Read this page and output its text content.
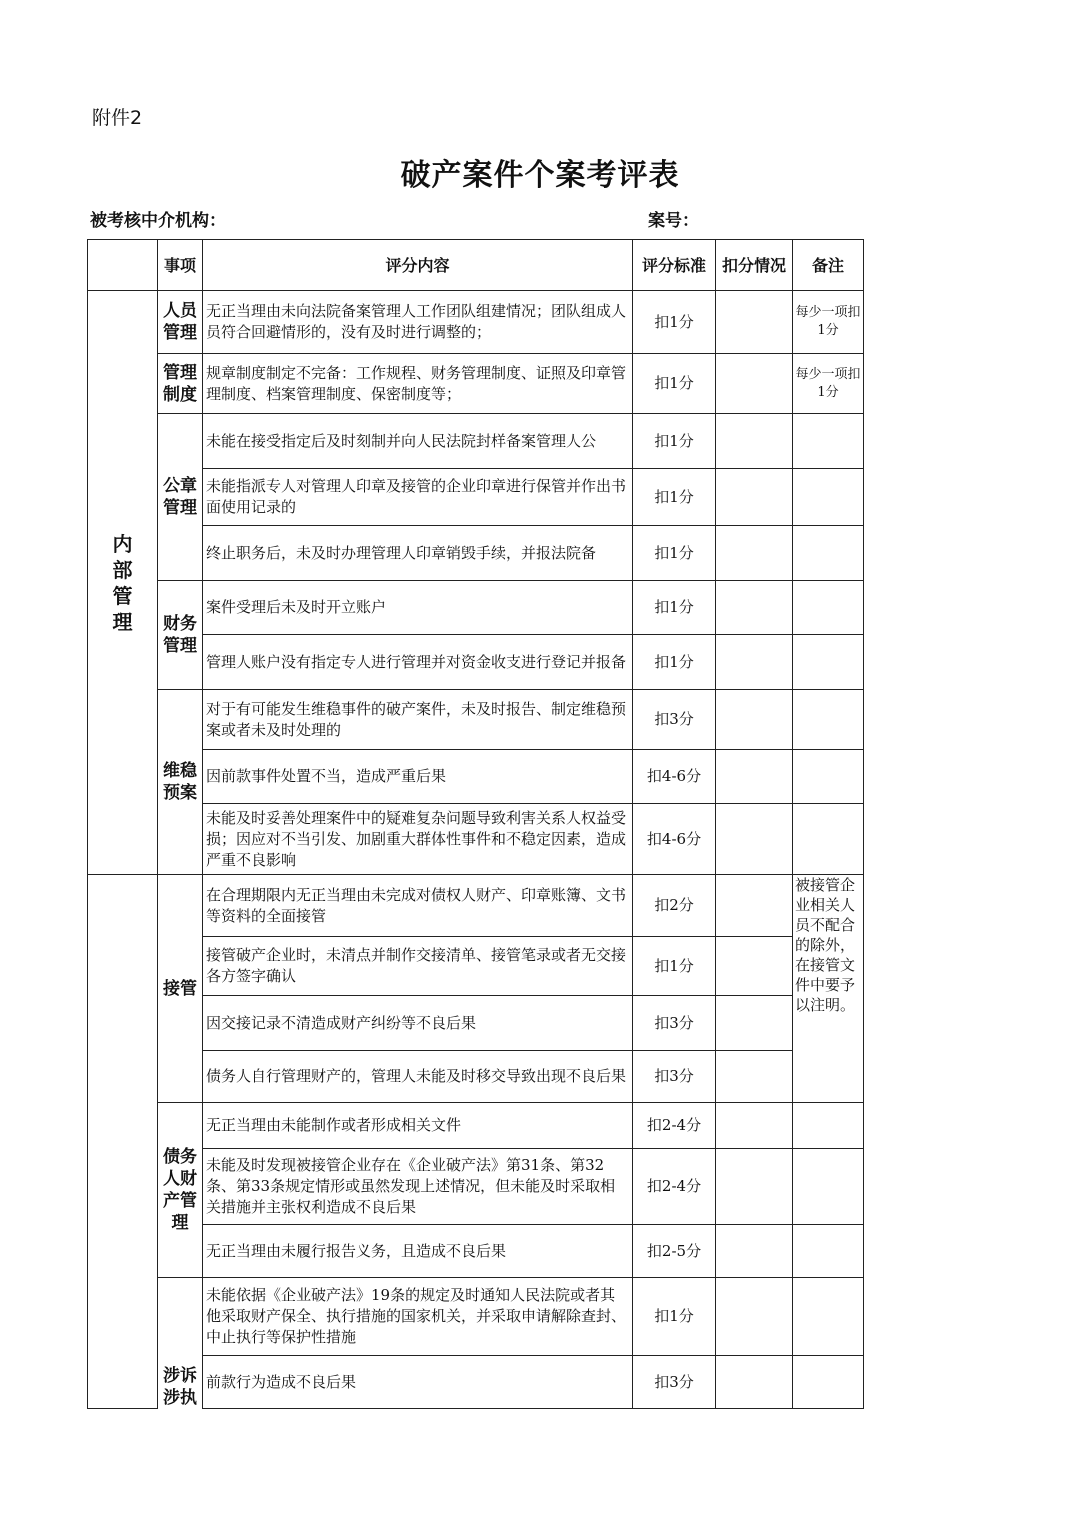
附件2
破产案件个案考评表
被考核中介机构：	案号：
	事项	评分内容	评分标准	扣分情况	备注
内部管理	人员管理	无正当理由未向法院备案管理人工作团队组建情况；团队组成人员符合回避情形的，没有及时进行调整的；	扣1分		每少一项扣1分
	管理制度	规章制度制定不完备：工作规程、财务管理制度、证照及印章管理制度、档案管理制度、保密制度等；	扣1分		每少一项扣1分
	公章管理	未能在接受指定后及时刻制并向人民法院封样备案管理人公	扣1分		
		未能指派专人对管理人印章及接管的企业印章进行保管并作出书面使用记录的	扣1分		
		终止职务后，未及时办理管理人印章销毁手续，并报法院备	扣1分		
	财务管理	案件受理后未及时开立账户	扣1分		
		管理人账户没有指定专人进行管理并对资金收支进行登记并报备	扣1分		
	维稳预案	对于有可能发生维稳事件的破产案件，未及时报告、制定维稳预案或者未及时处理的	扣3分		
		因前款事件处置不当，造成严重后果	扣4-6分		
		未能及时妥善处理案件中的疑难复杂问题导致利害关系人权益受损；因应对不当引发、加剧重大群体性事件和不稳定因素，造成严重不良影响	扣4-6分		
	接管	在合理期限内无正当理由未完成对债权人财产、印章账簿、文书等资料的全面接管	扣2分		被接管企业相关人员不配合的除外，在接管文件中要予以注明。
		接管破产企业时，未清点并制作交接清单、接管笔录或者无交接各方签字确认	扣1分		
		因交接记录不清造成财产纠纷等不良后果	扣3分		
		债务人自行管理财产的，管理人未能及时移交导致出现不良后果	扣3分		
	债务人财产管理	无正当理由未能制作或者形成相关文件	扣2-4分		
		未能及时发现被接管企业存在《企业破产法》第31条、第32条、第33条规定情形或虽然发现上述情况，但未能及时采取相关措施并主张权利造成不良后果	扣2-4分		
		无正当理由未履行报告义务，且造成不良后果	扣2-5分		
	涉诉涉执	未能依据《企业破产法》19条的规定及时通知人民法院或者其他采取财产保全、执行措施的国家机关，并采取申请解除查封、中止执行等保护性措施	扣1分		
		前款行为造成不良后果	扣3分		
